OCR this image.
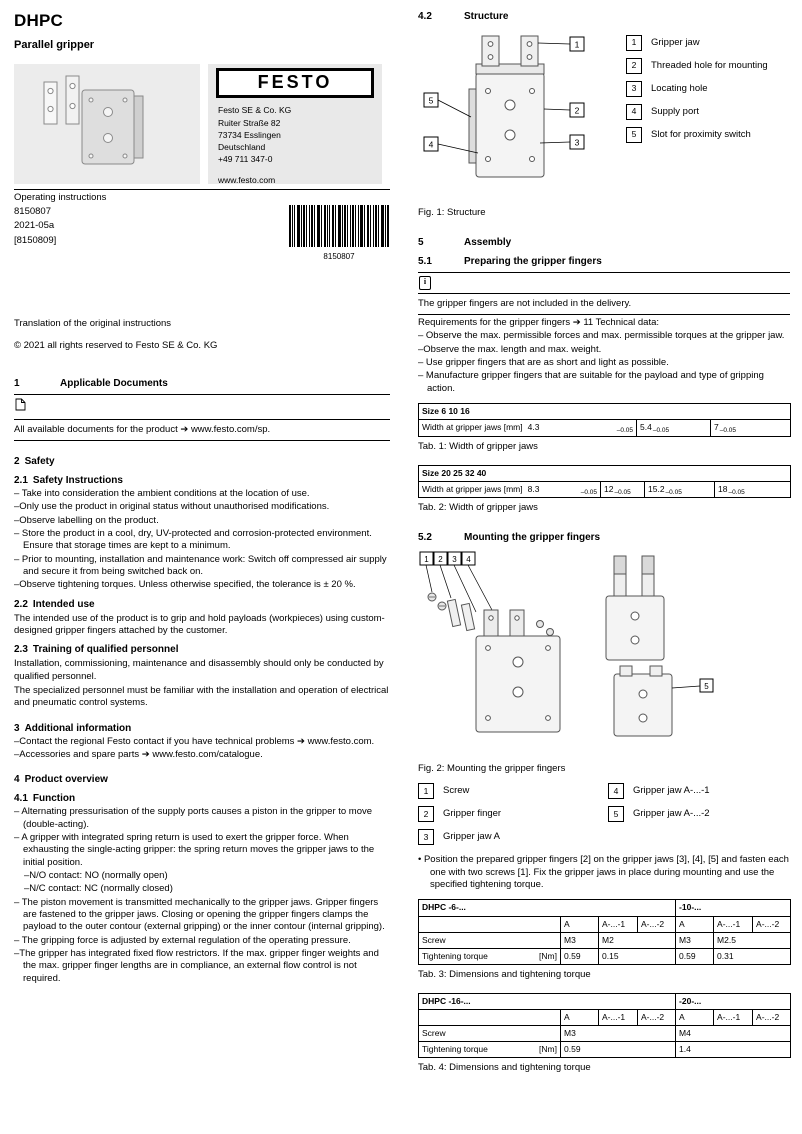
DHPC
Parallel gripper
FESTO
Festo SE & Co. KG
Ruiter Straße 82
73734 Esslingen
Deutschland
+49 711 347-0
www.festo.com
Operating instructions
8150807
2021-05a
[8150809]
8150807
Translation of the original instructions
© 2021 all rights reserved to Festo SE & Co. KG
1	Applicable Documents
All available documents for the product ➔ www.festo.com/sp.
2 Safety
2.1 Safety Instructions
– Take into consideration the ambient conditions at the location of use.
–Only use the product in original status without unauthorised modifications.
–Observe labelling on the product.
– Store the product in a cool, dry, UV-protected and corrosion-protected environment. Ensure that storage times are kept to a minimum.
– Prior to mounting, installation and maintenance work: Switch off compressed air supply and secure it from being switched back on.
–Observe tightening torques. Unless otherwise specified, the tolerance is ± 20 %.
2.2 Intended use

The intended use of the product is to grip and hold payloads (workpieces) using custom-designed gripper fingers attached by the customer.

2.3 Training of qualified personnel

Installation, commissioning, maintenance and disassembly should only be conducted by qualified personnel.

The specialized personnel must be familiar with the installation and operation of electrical and pneumatic control systems.

3 Additional information
–Contact the regional Festo contact if you have technical problems ➔ www.festo.com.
–Accessories and spare parts ➔ www.festo.com/catalogue.
4 Product overview
4.1 Function
– Alternating pressurisation of the supply ports causes a piston in the gripper to move (double-acting).
– A gripper with integrated spring return is used to exert the gripper force. When exhausting the single-acting gripper: the spring return moves the gripper jaws to the initial position.
–N/O contact: NO (normally open)
–N/C contact: NC (normally closed)
– The piston movement is transmitted mechanically to the gripper jaws. Gripper fingers are fastened to the gripper jaws. Closing or opening the gripper fingers clamps the payload to the outer contour (external gripping) or the inner contour (internal gripping).
– The gripping force is adjusted by external regulation of the operating pressure.
–The gripper has integrated fixed flow restrictors. If the max. gripper finger weights and the max. gripper finger lengths are in compliance, an external flow control is not required.
4.2	Structure
1
2
3
4
5
1	Gripper jaw
2	Threaded hole for mounting
3	Locating hole
4	Supply port
5	Slot for proximity switch
Fig. 1: Structure
5	Assembly
5.1	Preparing the gripper fingers
i
The gripper fingers are not included in the delivery.

Requirements for the gripper fingers ➔ 11 Technical data:

– Observe the max. permissible forces and max. permissible torques at the gripper jaw.
–Observe the max. length and max. weight.
– Use gripper fingers that are as short and light as possible.
– Manufacture gripper fingers that are suitable for the payload and type of gripping action.
Size 6 10 16

Width at gripper jaws [mm] 4.3	–0.05	$5.4_{-0.05}$	$7_{-0.05}$
Tab. 1: Width of gripper jaws
Size 20 25 32 40

Width at gripper jaws [mm] 8.3	–0.05	$12_{-0.05}$	$15.2_{-0.05}$	$18_{-0.05}$
Tab. 2: Width of gripper jaws
5.2	Mounting the gripper fingers
1 2 3 4
5
Fig. 2: Mounting the gripper fingers
1	Screw
2	Gripper finger
3	Gripper jaw A
4	Gripper jaw A-...-1
5	Gripper jaw A-...-2
• Position the prepared gripper fingers [2] on the gripper jaws [3], [4], [5] and fasten each one with two screws [1]. Fix the gripper jaws in place during mounting and use the specified tightening torque.
DHPC -6-...				-10-...		
	A	A-...-1	A-...-2	A	A-...-1	A-...-2
Screw	M3	M2		M3	M2.5	

Tightening torque [Nm]	0.59	0.15		0.59	0.31	
Tab. 3: Dimensions and tightening torque
DHPC -16-...				-20-...		
	A	A-...-1	A-...-2	A	A-...-1	A-...-2
Screw	M3			M4		

Tightening torque [Nm]	0.59			1.4		
Tab. 4: Dimensions and tightening torque
